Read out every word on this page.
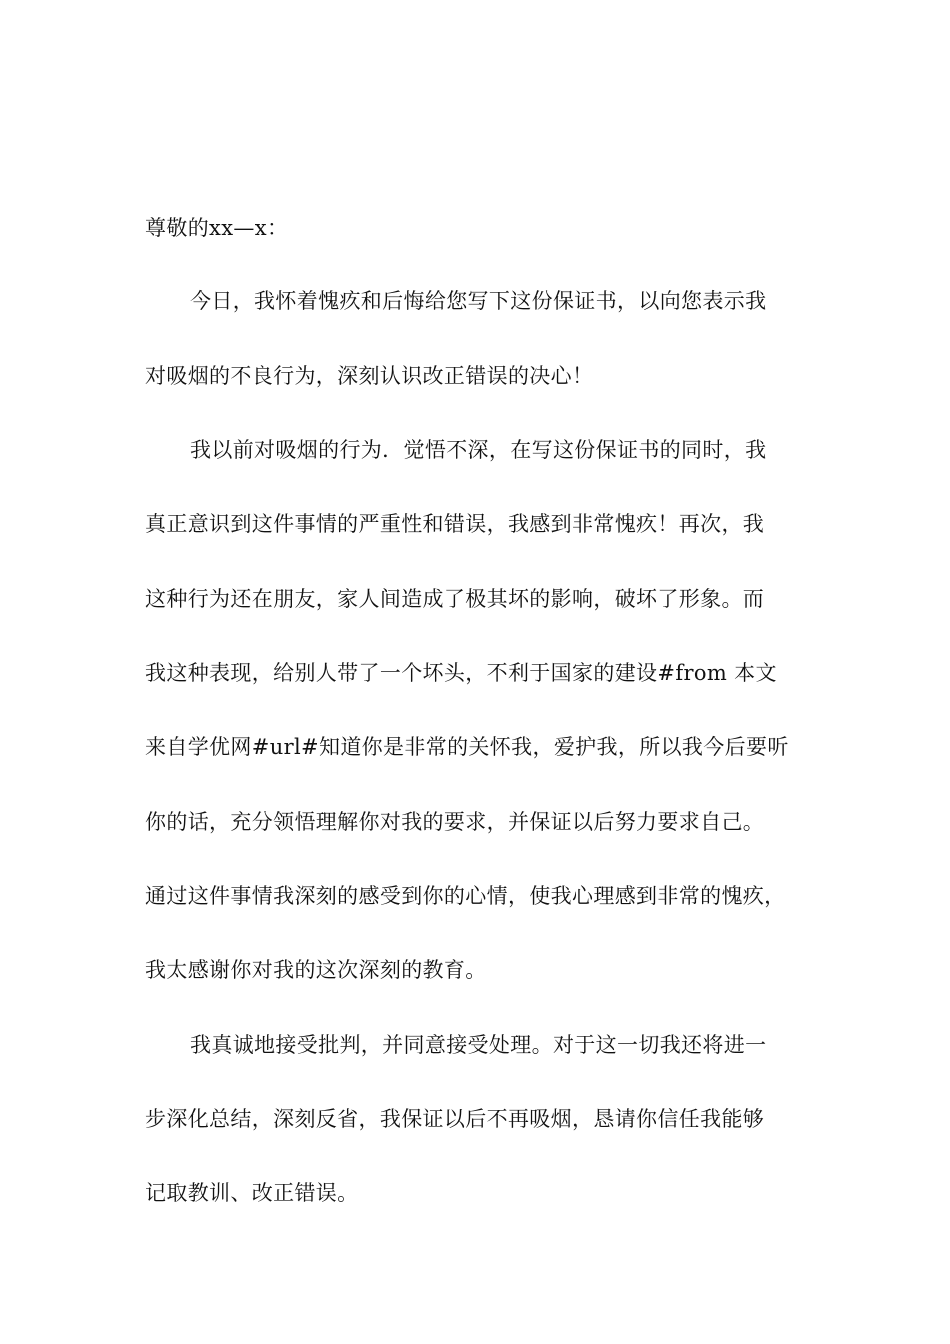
尊敬的xx—x：
今日，我怀着愧疚和后悔给您写下这份保证书，以向您表示我
对吸烟的不良行为，深刻认识改正错误的决心！
我以前对吸烟的行为．觉悟不深，在写这份保证书的同时，我
真正意识到这件事情的严重性和错误，我感到非常愧疚！再次，我
这种行为还在朋友，家人间造成了极其坏的影响，破坏了形象。而
我这种表现，给别人带了一个坏头，不利于国家的建设#from 本文
来自学优网#url#知道你是非常的关怀我，爱护我，所以我今后要听
你的话，充分领悟理解你对我的要求，并保证以后努力要求自己。
通过这件事情我深刻的感受到你的心情，使我心理感到非常的愧疚，
我太感谢你对我的这次深刻的教育。
我真诚地接受批判，并同意接受处理。对于这一切我还将进一
步深化总结，深刻反省，我保证以后不再吸烟，恳请你信任我能够
记取教训、改正错误。
